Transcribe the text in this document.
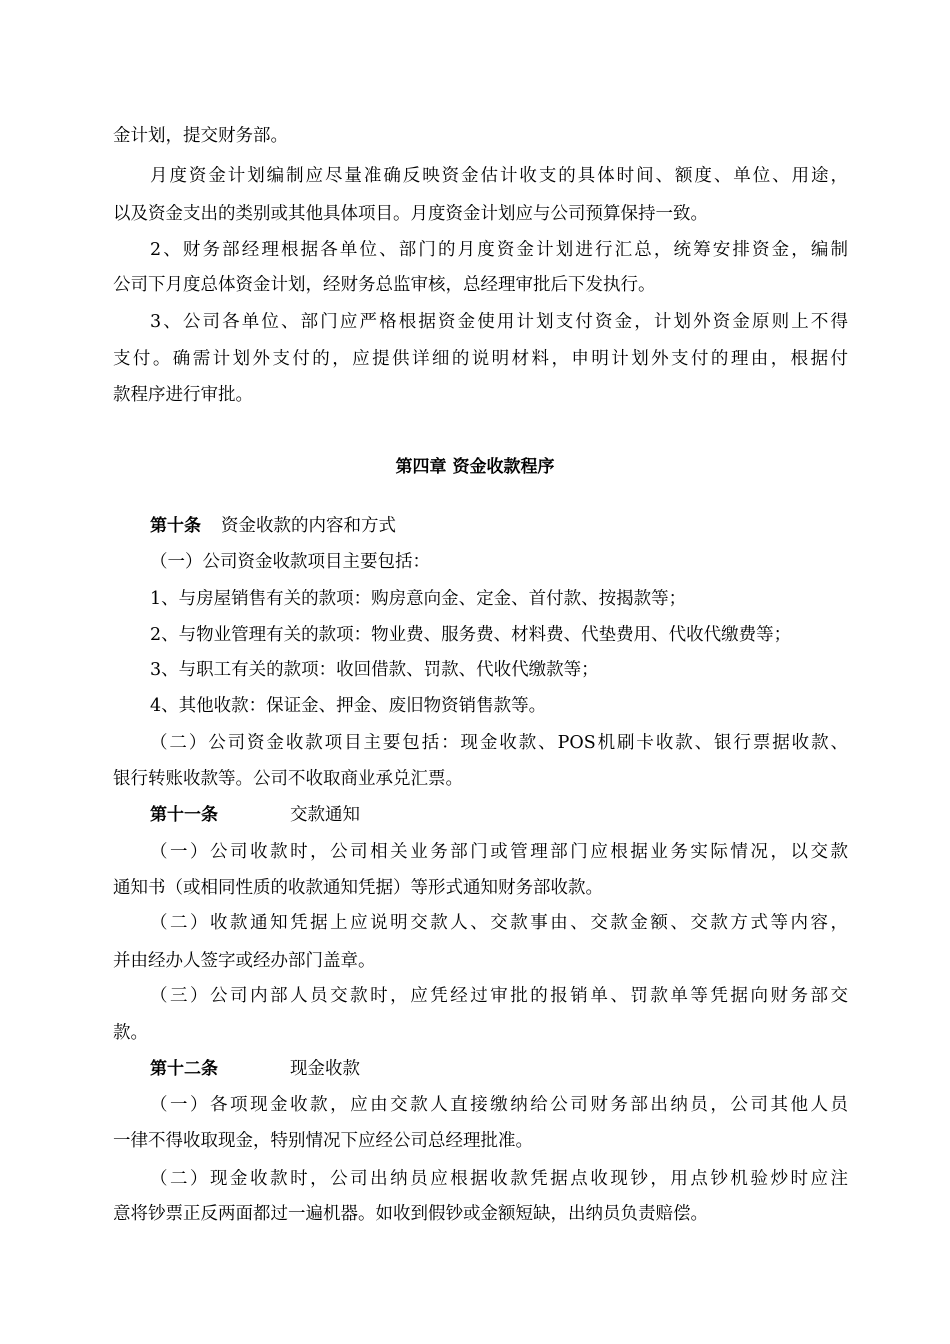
金计划，提交财务部。
月度资金计划编制应尽量准确反映资金估计收支的具体时间、额度、单位、用途，
以及资金支出的类别或其他具体项目。月度资金计划应与公司预算保持一致。
2、财务部经理根据各单位、部门的月度资金计划进行汇总，统筹安排资金，编制
公司下月度总体资金计划，经财务总监审核，总经理审批后下发执行。
3、公司各单位、部门应严格根据资金使用计划支付资金，计划外资金原则上不得
支付。确需计划外支付的，应提供详细的说明材料，申明计划外支付的理由，根据付
款程序进行审批。
第四章 资金收款程序
第十条 资金收款的内容和方式
（一）公司资金收款项目主要包括：
1、与房屋销售有关的款项：购房意向金、定金、首付款、按揭款等；
2、与物业管理有关的款项：物业费、服务费、材料费、代垫费用、代收代缴费等；
3、与职工有关的款项：收回借款、罚款、代收代缴款等；
4、其他收款：保证金、押金、废旧物资销售款等。
（二）公司资金收款项目主要包括：现金收款、POS机刷卡收款、银行票据收款、
银行转账收款等。公司不收取商业承兑汇票。
第十一条	交款通知
（一）公司收款时，公司相关业务部门或管理部门应根据业务实际情况，以交款
通知书（或相同性质的收款通知凭据）等形式通知财务部收款。
（二）收款通知凭据上应说明交款人、交款事由、交款金额、交款方式等内容，
并由经办人签字或经办部门盖章。
（三）公司内部人员交款时，应凭经过审批的报销单、罚款单等凭据向财务部交
款。
第十二条	现金收款
（一）各项现金收款，应由交款人直接缴纳给公司财务部出纳员，公司其他人员
一律不得收取现金，特别情况下应经公司总经理批准。
（二）现金收款时，公司出纳员应根据收款凭据点收现钞，用点钞机验炒时应注
意将钞票正反两面都过一遍机器。如收到假钞或金额短缺，出纳员负责赔偿。
